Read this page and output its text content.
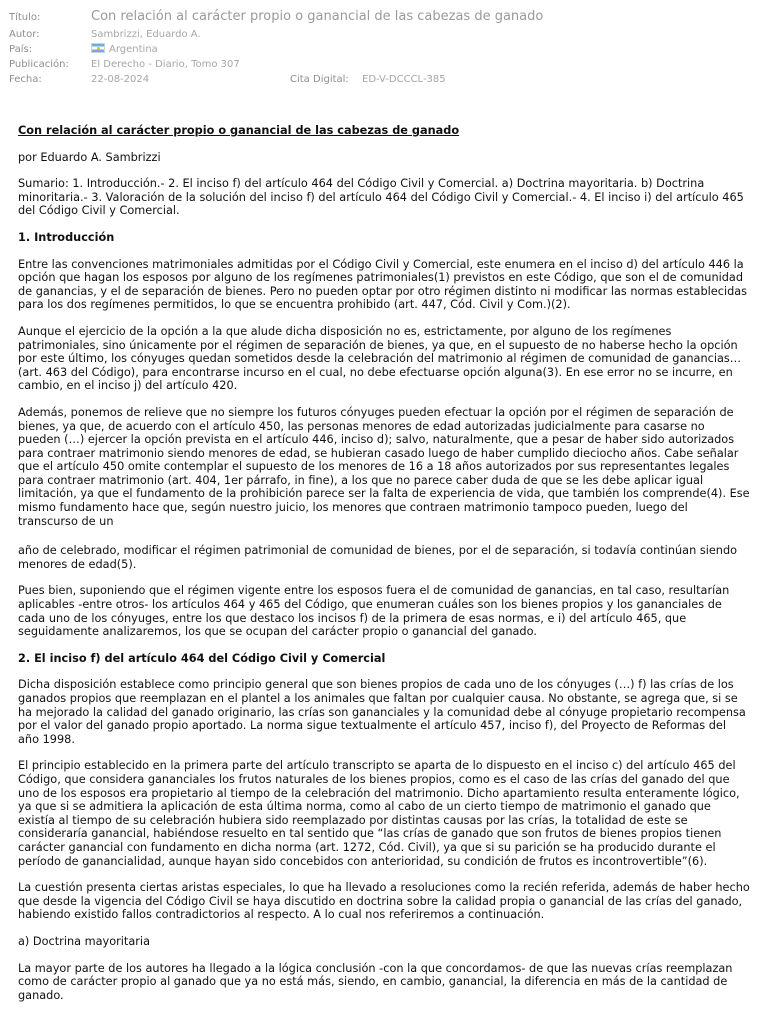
Título:	Con relación al carácter propio o ganancial de las cabezas de ganado
Autor:	Sambrizzi, Eduardo A.
País:	Argentina
Publicación: El Derecho - Diario, Tomo 307
Fecha:	22-08-2024	Cita Digital: ED-V-DCCCL-385

Con relación al carácter propio o ganancial de las cabezas de ganado

por Eduardo A. Sambrizzi

Sumario: 1. Introducción.- 2. El inciso f) del artículo 464 del Código Civil y Comercial. a) Doctrina mayoritaria. b) Doctrina minoritaria.- 3. Valoración de la solución del inciso f) del artículo 464 del Código Civil y Comercial.- 4. El inciso i) del artículo 465 del Código Civil y Comercial.

1. Introducción

Entre las convenciones matrimoniales admitidas por el Código Civil y Comercial, este enumera en el inciso d) del artículo 446 la opción que hagan los esposos por alguno de los regímenes patrimoniales(1) previstos en este Código, que son el de comunidad de ganancias, y el de separación de bienes. Pero no pueden optar por otro régimen distinto ni modificar las normas establecidas para los dos regímenes permitidos, lo que se encuentra prohibido (art. 447, Cód. Civil y Com.)(2).

Aunque el ejercicio de la opción a la que alude dicha disposición no es, estrictamente, por alguno de los regímenes patrimoniales, sino únicamente por el régimen de separación de bienes, ya que, en el supuesto de no haberse hecho la opción por este último, los cónyuges quedan sometidos desde la celebración del matrimonio al régimen de comunidad de ganancias… (art. 463 del Código), para encontrarse incurso en el cual, no debe efectuarse opción alguna(3). En ese error no se incurre, en cambio, en el inciso j) del artículo 420.

Además, ponemos de relieve que no siempre los futuros cónyuges pueden efectuar la opción por el régimen de separación de bienes, ya que, de acuerdo con el artículo 450, las personas menores de edad autorizadas judicialmente para casarse no pueden (…) ejercer la opción prevista en el artículo 446, inciso d); salvo, naturalmente, que a pesar de haber sido autorizados para contraer matrimonio siendo menores de edad, se hubieran casado luego de haber cumplido dieciocho años. Cabe señalar que el artículo 450 omite contemplar el supuesto de los menores de 16 a 18 años autorizados por sus representantes legales para contraer matrimonio (art. 404, 1er párrafo, in fine), a los que no parece caber duda de que se les debe aplicar igual limitación, ya que el fundamento de la prohibición parece ser la falta de experiencia de vida, que también los comprende(4). Ese mismo fundamento hace que, según nuestro juicio, los menores que contraen matrimonio tampoco pueden, luego del transcurso de un

año de celebrado, modificar el régimen patrimonial de comunidad de bienes, por el de separación, si todavía continúan siendo menores de edad(5).

Pues bien, suponiendo que el régimen vigente entre los esposos fuera el de comunidad de ganancias, en tal caso, resultarían aplicables -entre otros- los artículos 464 y 465 del Código, que enumeran cuáles son los bienes propios y los gananciales de cada uno de los cónyuges, entre los que destaco los incisos f) de la primera de esas normas, e i) del artículo 465, que seguidamente analizaremos, los que se ocupan del carácter propio o ganancial del ganado.

2. El inciso f) del artículo 464 del Código Civil y Comercial

Dicha disposición establece como principio general que son bienes propios de cada uno de los cónyuges (…) f) las crías de los ganados propios que reemplazan en el plantel a los animales que faltan por cualquier causa. No obstante, se agrega que, si se ha mejorado la calidad del ganado originario, las crías son gananciales y la comunidad debe al cónyuge propietario recompensa por el valor del ganado propio aportado. La norma sigue textualmente el artículo 457, inciso f), del Proyecto de Reformas del año 1998.

El principio establecido en la primera parte del artículo transcripto se aparta de lo dispuesto en el inciso c) del artículo 465 del Código, que considera gananciales los frutos naturales de los bienes propios, como es el caso de las crías del ganado del que uno de los esposos era propietario al tiempo de la celebración del matrimonio. Dicho apartamiento resulta enteramente lógico, ya que si se admitiera la aplicación de esta última norma, como al cabo de un cierto tiempo de matrimonio el ganado que existía al tiempo de su celebración hubiera sido reemplazado por distintas causas por las crías, la totalidad de este se consideraría ganancial, habiéndose resuelto en tal sentido que “las crías de ganado que son frutos de bienes propios tienen carácter ganancial con fundamento en dicha norma (art. 1272, Cód. Civil), ya que si su parición se ha producido durante el período de ganancialidad, aunque hayan sido concebidos con anterioridad, su condición de frutos es incontrovertible”(6).

La cuestión presenta ciertas aristas especiales, lo que ha llevado a resoluciones como la recién referida, además de haber hecho que desde la vigencia del Código Civil se haya discutido en doctrina sobre la calidad propia o ganancial de las crías del ganado, habiendo existido fallos contradictorios al respecto. A lo cual nos referiremos a continuación.

a) Doctrina mayoritaria

La mayor parte de los autores ha llegado a la lógica conclusión -con la que concordamos- de que las nuevas crías reemplazan como de carácter propio al ganado que ya no está más, siendo, en cambio, ganancial, la diferencia en más de la cantidad de ganado.
